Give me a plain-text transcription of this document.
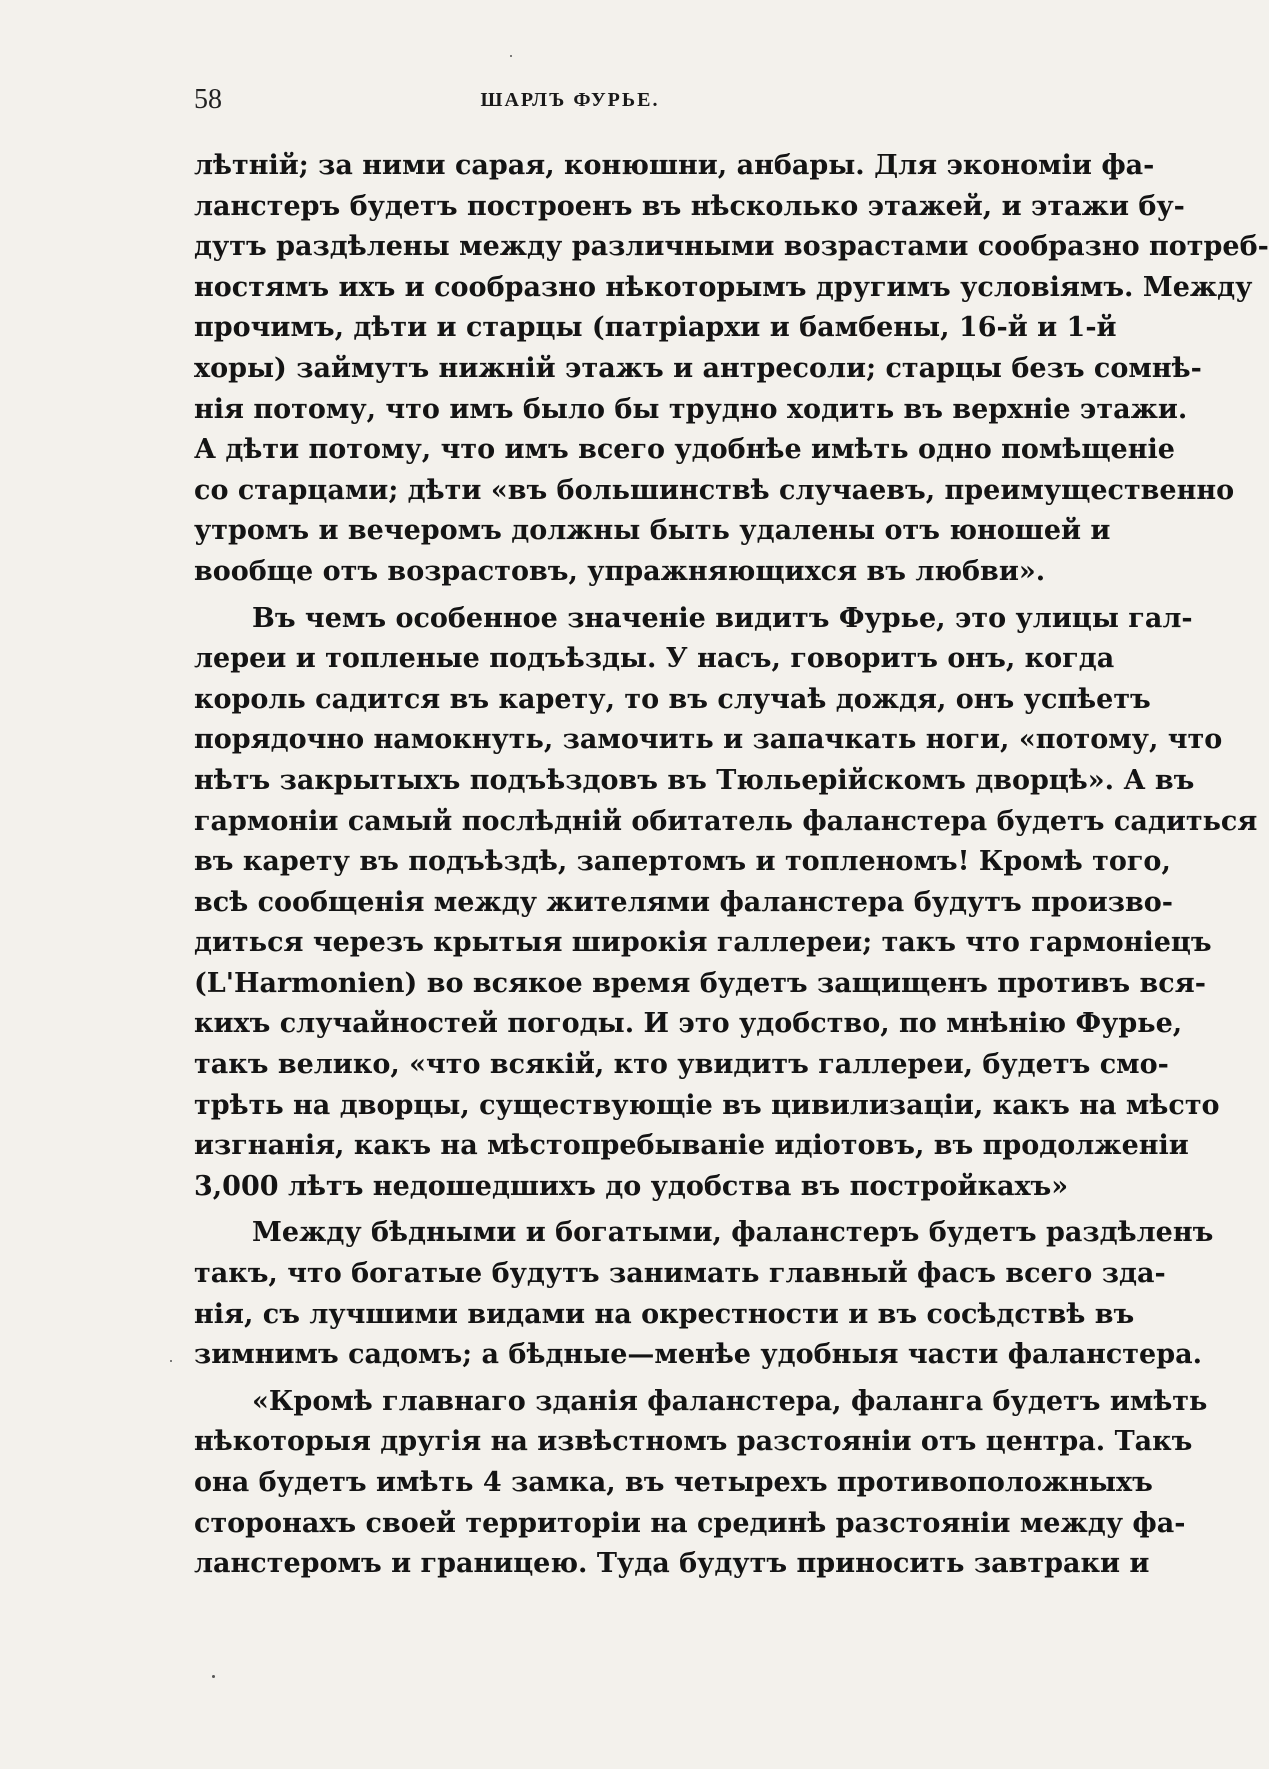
58	ШАРЛЪ ФУРЬЕ.
лѣтній; за ними сарая, конюшни, анбары. Для экономіи фа-
ланстеръ будетъ построенъ въ нѣсколько этажей, и этажи бу-
дутъ раздѣлены между различными возрастами сообразно потреб-
ностямъ ихъ и сообразно нѣкоторымъ другимъ условіямъ. Между
прочимъ, дѣти и старцы (патріархи и бамбены, 16-й и 1-й
хоры) займутъ нижній этажъ и антресоли; старцы безъ сомнѣ-
нія потому, что имъ было бы трудно ходить въ верхніе этажи.
А дѣти потому, что имъ всего удобнѣе имѣть одно помѣщеніе
со старцами; дѣти «въ большинствѣ случаевъ, преимущественно
утромъ и вечеромъ должны быть удалены отъ юношей и
вообще отъ возрастовъ, упражняющихся въ любви».
Въ чемъ особенное значеніе видитъ Фурье, это улицы гал-
лереи и топленые подъѣзды. У насъ, говоритъ онъ, когда
король садится въ карету, то въ случаѣ дождя, онъ успѣетъ
порядочно намокнуть, замочить и запачкать ноги, «потому, что
нѣтъ закрытыхъ подъѣздовъ въ Тюльерійскомъ дворцѣ». А въ
гармоніи самый послѣдній обитатель фаланстера будетъ садиться
въ карету въ подъѣздѣ, запертомъ и топленомъ! Кромѣ того,
всѣ сообщенія между жителями фаланстера будутъ произво-
диться черезъ крытыя широкія галлереи; такъ что гармоніецъ
(L'Harmonien) во всякое время будетъ защищенъ противъ вся-
кихъ случайностей погоды. И это удобство, по мнѣнію Фурье,
такъ велико, «что всякій, кто увидитъ галлереи, будетъ смо-
трѣть на дворцы, существующіе въ цивилизаціи, какъ на мѣсто
изгнанія, какъ на мѣстопребываніе идіотовъ, въ продолженіи
3,000 лѣтъ недошедшихъ до удобства въ постройкахъ»
Между бѣдными и богатыми, фаланстеръ будетъ раздѣленъ
такъ, что богатые будутъ занимать главный фасъ всего зда-
нія, съ лучшими видами на окрестности и въ сосѣдствѣ въ
зимнимъ садомъ; а бѣдные—менѣе удобныя части фаланстера.
«Кромѣ главнаго зданія фаланстера, фаланга будетъ имѣть
нѣкоторыя другія на извѣстномъ разстояніи отъ центра. Такъ
она будетъ имѣть 4 замка, въ четырехъ противоположныхъ
сторонахъ своей территоріи на срединѣ разстояніи между фа-
ланстеромъ и границею. Туда будутъ приносить завтраки и
